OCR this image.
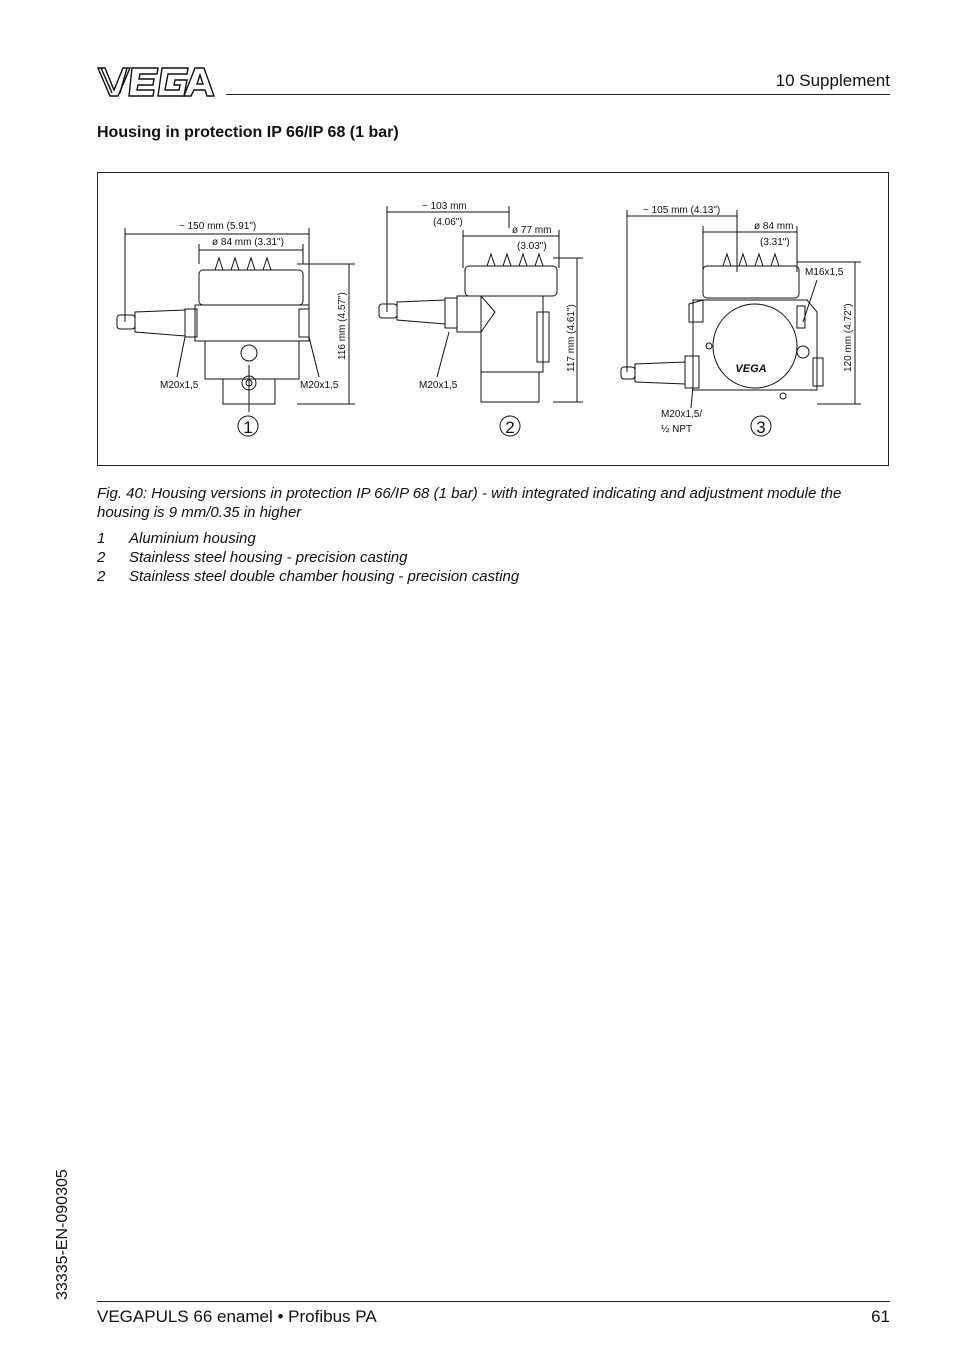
10 Supplement
Housing in protection IP 66/IP 68 (1 bar)
~ 150 mm (5.91")
ø 84 mm (3.31")
116 mm (4.57")
M20x1,5	M20x1,5
1
~ 103 mm
(4.06")
ø 77 mm
(3.03")
117 mm (4.61")
M20x1,5
2
~ 105 mm (4.13")
ø 84 mm
(3.31")
M16x1,5
120 mm (4.72")
M20x1,5/
½ NPT
VEGA
3
Fig. 40: Housing versions in protection IP 66/IP 68 (1 bar) - with integrated indicating and adjustment module the housing is 9 mm/0.35 in higher
1 Aluminium housing
2 Stainless steel housing - precision casting
2 Stainless steel double chamber housing - precision casting
33335-EN-090305
VEGAPULS 66 enamel • Profibus PA	61
